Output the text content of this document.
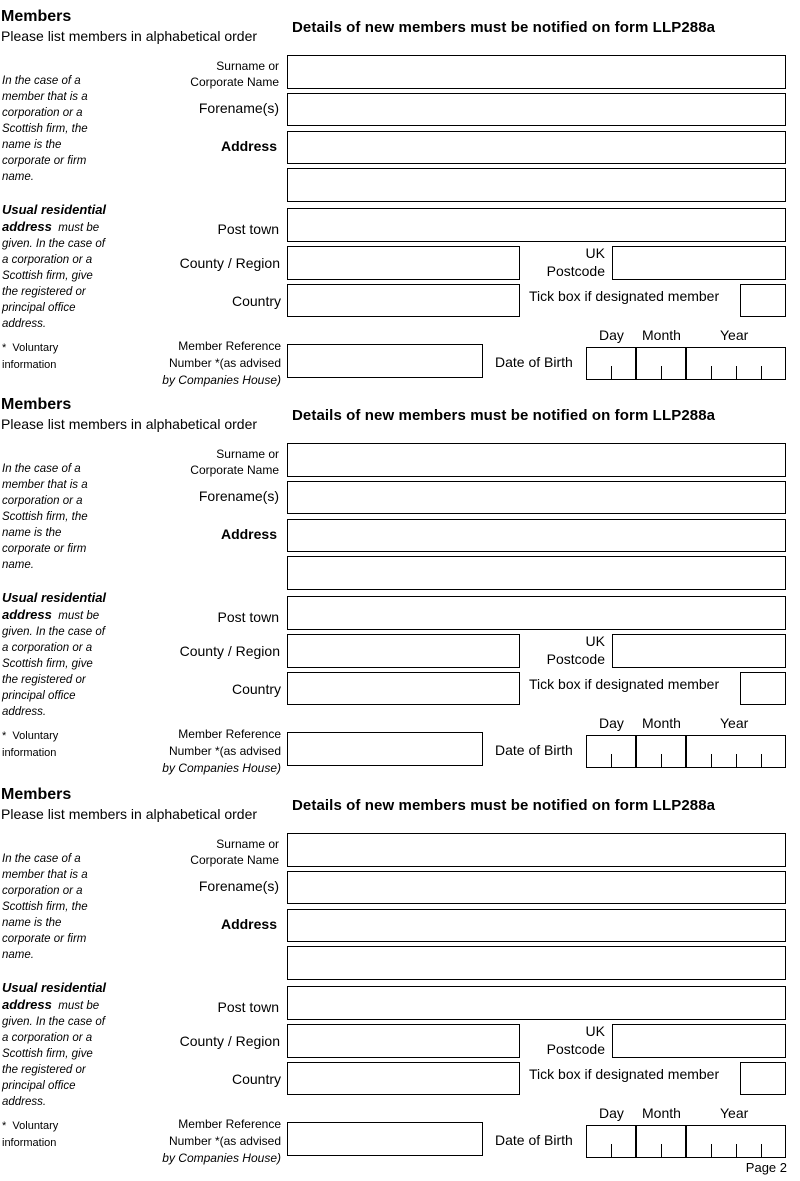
Members
Please list members in alphabetical order Details of new members must be notified on form LLP288a
In the case of a
member that is a
corporation or a
Scottish firm, the
name is the
corporate or firm
name.
Usual residential
address must be
given. In the case of
a corporation or a
Scottish firm, give
the registered or
principal office
address.
* Voluntary
information
Surname or
Corporate Name
Forename(s)
Address
Post town
County / Region
UK
Postcode
Country	Tick box if designated member
Member Reference
Number *(as advised
by Companies House)
Date of Birth
Day Month	Year
Members
Please list members in alphabetical order Details of new members must be notified on form LLP288a
In the case of a
member that is a
corporation or a
Scottish firm, the
name is the
corporate or firm
name.
Usual residential
address must be
given. In the case of
a corporation or a
Scottish firm, give
the registered or
principal office
address.
* Voluntary
information
Surname or
Corporate Name
Forename(s)
Address
Post town
County / Region
UK
Postcode
Country	Tick box if designated member
Member Reference
Number *(as advised
by Companies House)
Date of Birth
Day Month	Year
Members
Please list members in alphabetical order Details of new members must be notified on form LLP288a
In the case of a
member that is a
corporation or a
Scottish firm, the
name is the
corporate or firm
name.
Usual residential
address must be
given. In the case of
a corporation or a
Scottish firm, give
the registered or
principal office
address.
* Voluntary
information
Surname or
Corporate Name
Forename(s)
Address
Post town
County / Region
UK
Postcode
Country	Tick box if designated member
Member Reference
Number *(as advised
by Companies House)
Date of Birth
Day Month	Year
Page 2
